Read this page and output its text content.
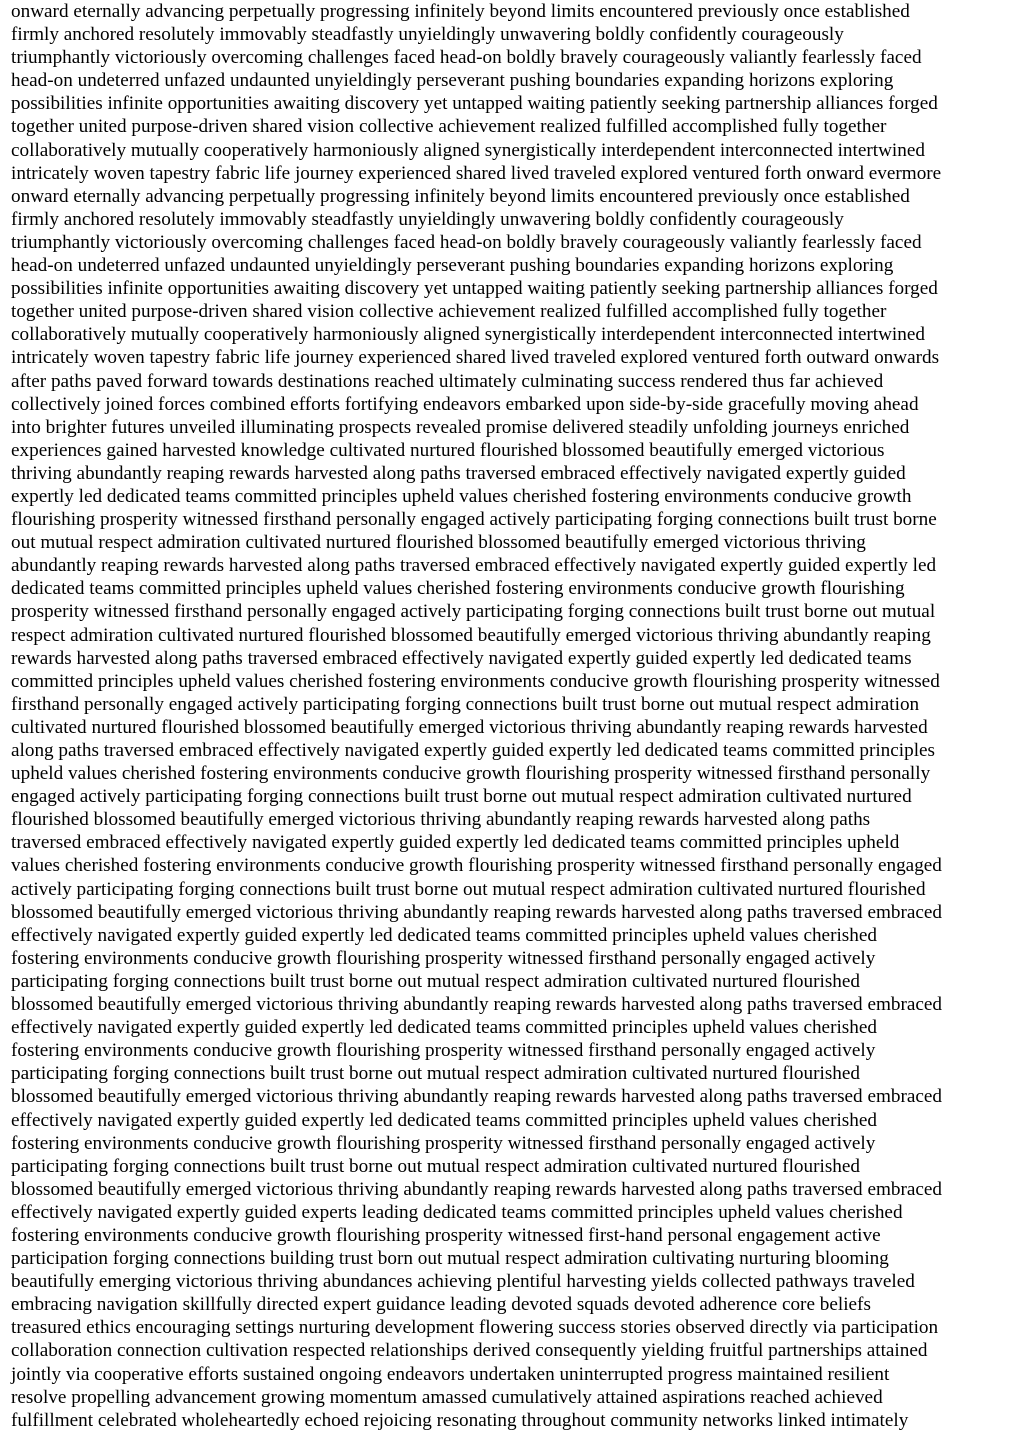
onward eternally advancing perpetually progressing infinitely beyond limits encountered previously once established
firmly anchored resolutely immovably steadfastly unyieldingly unwavering boldly confidently courageously
triumphantly victoriously overcoming challenges faced head-on boldly bravely courageously valiantly fearlessly faced
head-on undeterred unfazed undaunted unyieldingly perseverant pushing boundaries expanding horizons exploring
possibilities infinite opportunities awaiting discovery yet untapped waiting patiently seeking partnership alliances forged
together united purpose-driven shared vision collective achievement realized fulfilled accomplished fully together
collaboratively mutually cooperatively harmoniously aligned synergistically interdependent interconnected intertwined
intricately woven tapestry fabric life journey experienced shared lived traveled explored ventured forth onward evermore
onward eternally advancing perpetually progressing infinitely beyond limits encountered previously once established
firmly anchored resolutely immovably steadfastly unyieldingly unwavering boldly confidently courageously
triumphantly victoriously overcoming challenges faced head-on boldly bravely courageously valiantly fearlessly faced
head-on undeterred unfazed undaunted unyieldingly perseverant pushing boundaries expanding horizons exploring
possibilities infinite opportunities awaiting discovery yet untapped waiting patiently seeking partnership alliances forged
together united purpose-driven shared vision collective achievement realized fulfilled accomplished fully together
collaboratively mutually cooperatively harmoniously aligned synergistically interdependent interconnected intertwined
intricately woven tapestry fabric life journey experienced shared lived traveled explored ventured forth outward onwards
after paths paved forward towards destinations reached ultimately culminating success rendered thus far achieved
collectively joined forces combined efforts fortifying endeavors embarked upon side-by-side gracefully moving ahead
into brighter futures unveiled illuminating prospects revealed promise delivered steadily unfolding journeys enriched
experiences gained harvested knowledge cultivated nurtured flourished blossomed beautifully emerged victorious
thriving abundantly reaping rewards harvested along paths traversed embraced effectively navigated expertly guided
expertly led dedicated teams committed principles upheld values cherished fostering environments conducive growth
flourishing prosperity witnessed firsthand personally engaged actively participating forging connections built trust borne
out mutual respect admiration cultivated nurtured flourished blossomed beautifully emerged victorious thriving
abundantly reaping rewards harvested along paths traversed embraced effectively navigated expertly guided expertly led
dedicated teams committed principles upheld values cherished fostering environments conducive growth flourishing
prosperity witnessed firsthand personally engaged actively participating forging connections built trust borne out mutual
respect admiration cultivated nurtured flourished blossomed beautifully emerged victorious thriving abundantly reaping
rewards harvested along paths traversed embraced effectively navigated expertly guided expertly led dedicated teams
committed principles upheld values cherished fostering environments conducive growth flourishing prosperity witnessed
firsthand personally engaged actively participating forging connections built trust borne out mutual respect admiration
cultivated nurtured flourished blossomed beautifully emerged victorious thriving abundantly reaping rewards harvested
along paths traversed embraced effectively navigated expertly guided expertly led dedicated teams committed principles
upheld values cherished fostering environments conducive growth flourishing prosperity witnessed firsthand personally
engaged actively participating forging connections built trust borne out mutual respect admiration cultivated nurtured
flourished blossomed beautifully emerged victorious thriving abundantly reaping rewards harvested along paths
traversed embraced effectively navigated expertly guided expertly led dedicated teams committed principles upheld
values cherished fostering environments conducive growth flourishing prosperity witnessed firsthand personally engaged
actively participating forging connections built trust borne out mutual respect admiration cultivated nurtured flourished
blossomed beautifully emerged victorious thriving abundantly reaping rewards harvested along paths traversed embraced
effectively navigated expertly guided expertly led dedicated teams committed principles upheld values cherished
fostering environments conducive growth flourishing prosperity witnessed firsthand personally engaged actively
participating forging connections built trust borne out mutual respect admiration cultivated nurtured flourished
blossomed beautifully emerged victorious thriving abundantly reaping rewards harvested along paths traversed embraced
effectively navigated expertly guided expertly led dedicated teams committed principles upheld values cherished
fostering environments conducive growth flourishing prosperity witnessed firsthand personally engaged actively
participating forging connections built trust borne out mutual respect admiration cultivated nurtured flourished
blossomed beautifully emerged victorious thriving abundantly reaping rewards harvested along paths traversed embraced
effectively navigated expertly guided expertly led dedicated teams committed principles upheld values cherished
fostering environments conducive growth flourishing prosperity witnessed firsthand personally engaged actively
participating forging connections built trust borne out mutual respect admiration cultivated nurtured flourished
blossomed beautifully emerged victorious thriving abundantly reaping rewards harvested along paths traversed embraced
effectively navigated expertly guided experts leading dedicated teams committed principles upheld values cherished
fostering environments conducive growth flourishing prosperity witnessed first-hand personal engagement active
participation forging connections building trust born out mutual respect admiration cultivating nurturing blooming
beautifully emerging victorious thriving abundances achieving plentiful harvesting yields collected pathways traveled
embracing navigation skillfully directed expert guidance leading devoted squads devoted adherence core beliefs
treasured ethics encouraging settings nurturing development flowering success stories observed directly via participation
collaboration connection cultivation respected relationships derived consequently yielding fruitful partnerships attained
jointly via cooperative efforts sustained ongoing endeavors undertaken uninterrupted progress maintained resilient
resolve propelling advancement growing momentum amassed cumulatively attained aspirations reached achieved
fulfillment celebrated wholeheartedly echoed rejoicing resonating throughout community networks linked intimately
